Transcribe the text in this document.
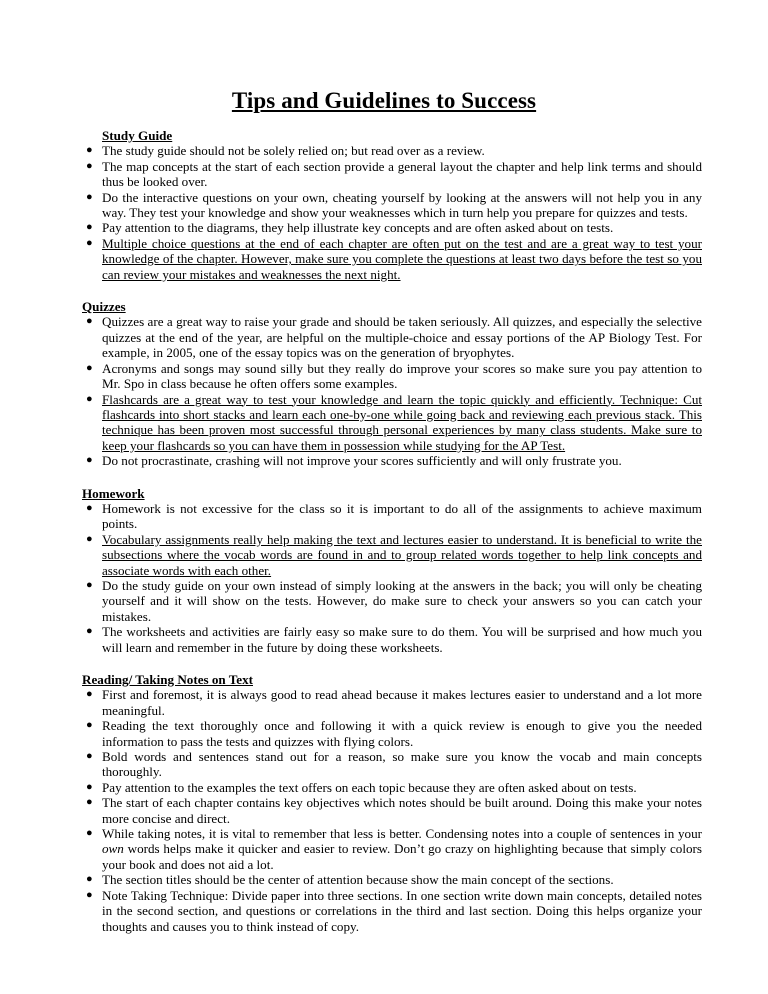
Tips and Guidelines to Success

Study Guide

● The study guide should not be solely relied on; but read over as a review.
● The map concepts at the start of each section provide a general layout the chapter and help link terms and should thus be looked over.
● Do the interactive questions on your own, cheating yourself by looking at the answers will not help you in any way. They test your knowledge and show your weaknesses which in turn help you prepare for quizzes and tests.
● Pay attention to the diagrams, they help illustrate key concepts and are often asked about on tests.
● Multiple choice questions at the end of each chapter are often put on the test and are a great way to test your knowledge of the chapter. However, make sure you complete the questions at least two days before the test so you can review your mistakes and weaknesses the next night.

Quizzes

● Quizzes are a great way to raise your grade and should be taken seriously. All quizzes, and especially the selective quizzes at the end of the year, are helpful on the multiple-choice and essay portions of the AP Biology Test. For example, in 2005, one of the essay topics was on the generation of bryophytes.
● Acronyms and songs may sound silly but they really do improve your scores so make sure you pay attention to Mr. Spo in class because he often offers some examples.
● Flashcards are a great way to test your knowledge and learn the topic quickly and efficiently. Technique: Cut flashcards into short stacks and learn each one-by-one while going back and reviewing each previous stack. This technique has been proven most successful through personal experiences by many class students. Make sure to keep your flashcards so you can have them in possession while studying for the AP Test.
● Do not procrastinate, crashing will not improve your scores sufficiently and will only frustrate you.

Homework

● Homework is not excessive for the class so it is important to do all of the assignments to achieve maximum points.
● Vocabulary assignments really help making the text and lectures easier to understand. It is beneficial to write the subsections where the vocab words are found in and to group related words together to help link concepts and associate words with each other.
● Do the study guide on your own instead of simply looking at the answers in the back; you will only be cheating yourself and it will show on the tests. However, do make sure to check your answers so you can catch your mistakes.
● The worksheets and activities are fairly easy so make sure to do them. You will be surprised and how much you will learn and remember in the future by doing these worksheets.

Reading/ Taking Notes on Text

● First and foremost, it is always good to read ahead because it makes lectures easier to understand and a lot more meaningful.
● Reading the text thoroughly once and following it with a quick review is enough to give you the needed information to pass the tests and quizzes with flying colors.
● Bold words and sentences stand out for a reason, so make sure you know the vocab and main concepts thoroughly.
● Pay attention to the examples the text offers on each topic because they are often asked about on tests.
● The start of each chapter contains key objectives which notes should be built around. Doing this make your notes more concise and direct.
● While taking notes, it is vital to remember that less is better. Condensing notes into a couple of sentences in your own words helps make it quicker and easier to review. Don’t go crazy on highlighting because that simply colors your book and does not aid a lot.
● The section titles should be the center of attention because show the main concept of the sections.
● Note Taking Technique: Divide paper into three sections. In one section write down main concepts, detailed notes in the second section, and questions or correlations in the third and last section. Doing this helps organize your thoughts and causes you to think instead of copy.
